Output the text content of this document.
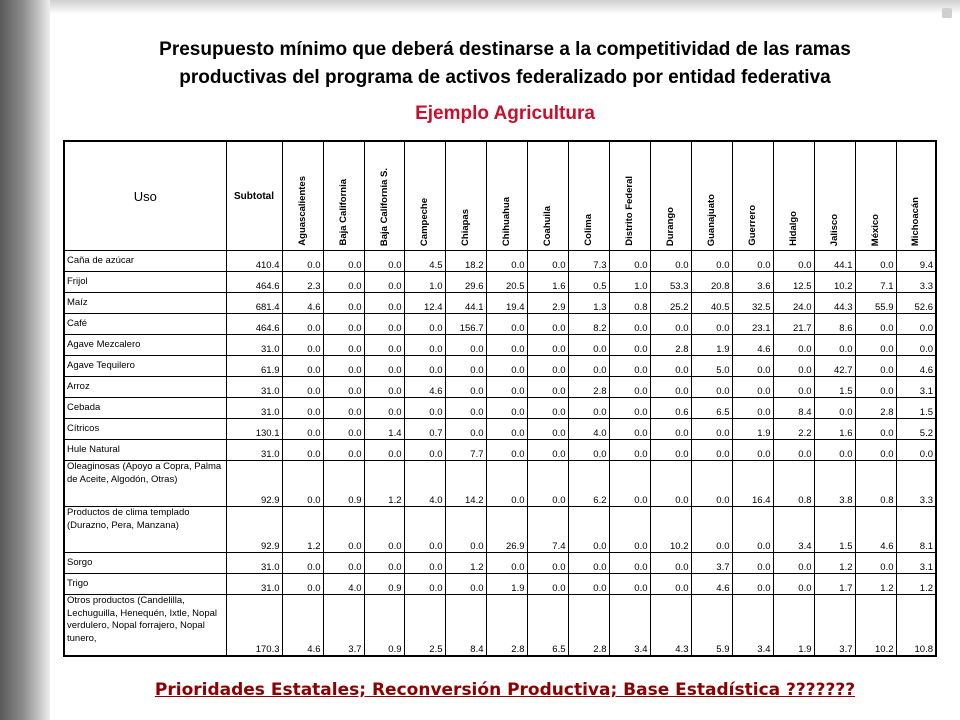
Presupuesto mínimo que deberá destinarse a la competitividad de las ramas
productivas del programa de activos federalizado por entidad federativa
Ejemplo Agricultura
Uso	Subtotal	Aguascalientes	Baja California	Baja California S.	Campeche	Chiapas	Chihuahua	Coahuila	Colima	Distrito Federal	Durango	Guanajuato	Guerrero	Hidalgo	Jalisco	México	Michoacán

Caña de azúcar	410.4	0.0	0.0	0.0	4.5	18.2	0.0	0.0	7.3	0.0	0.0	0.0	0.0	0.0	44.1	0.0	9.4
Frijol	464.6	2.3	0.0	0.0	1.0	29.6	20.5	1.6	0.5	1.0	53.3	20.8	3.6	12.5	10.2	7.1	3.3
Maíz	681.4	4.6	0.0	0.0	12.4	44.1	19.4	2.9	1.3	0.8	25.2	40.5	32.5	24.0	44.3	55.9	52.6
Café	464.6	0.0	0.0	0.0	0.0	156.7	0.0	0.0	8.2	0.0	0.0	0.0	23.1	21.7	8.6	0.0	0.0
Agave Mezcalero	31.0	0.0	0.0	0.0	0.0	0.0	0.0	0.0	0.0	0.0	2.8	1.9	4.6	0.0	0.0	0.0	0.0
Agave Tequilero	61.9	0.0	0.0	0.0	0.0	0.0	0.0	0.0	0.0	0.0	0.0	5.0	0.0	0.0	42.7	0.0	4.6
Arroz	31.0	0.0	0.0	0.0	4.6	0.0	0.0	0.0	2.8	0.0	0.0	0.0	0.0	0.0	1.5	0.0	3.1
Cebada	31.0	0.0	0.0	0.0	0.0	0.0	0.0	0.0	0.0	0.0	0.6	6.5	0.0	8.4	0.0	2.8	1.5
Cítricos	130.1	0.0	0.0	1.4	0.7	0.0	0.0	0.0	4.0	0.0	0.0	0.0	1.9	2.2	1.6	0.0	5.2
Hule Natural	31.0	0.0	0.0	0.0	0.0	7.7	0.0	0.0	0.0	0.0	0.0	0.0	0.0	0.0	0.0	0.0	0.0
Oleaginosas (Apoyo a Copra, Palma de Aceite, Algodón, Otras)	92.9	0.0	0.9	1.2	4.0	14.2	0.0	0.0	6.2	0.0	0.0	0.0	16.4	0.8	3.8	0.8	3.3
Productos de clima templado (Durazno, Pera, Manzana)	92.9	1.2	0.0	0.0	0.0	0.0	26.9	7.4	0.0	0.0	10.2	0.0	0.0	3.4	1.5	4.6	8.1
Sorgo	31.0	0.0	0.0	0.0	0.0	1.2	0.0	0.0	0.0	0.0	0.0	3.7	0.0	0.0	1.2	0.0	3.1
Trigo	31.0	0.0	4.0	0.9	0.0	0.0	1.9	0.0	0.0	0.0	0.0	4.6	0.0	0.0	1.7	1.2	1.2
Otros productos (Candelilla, Lechuguilla, Henequén, Ixtle, Nopal verdulero, Nopal forrajero, Nopal tunero,	170.3	4.6	3.7	0.9	2.5	8.4	2.8	6.5	2.8	3.4	4.3	5.9	3.4	1.9	3.7	10.2	10.8
Prioridades Estatales; Reconversión Productiva; Base Estadística ???????
